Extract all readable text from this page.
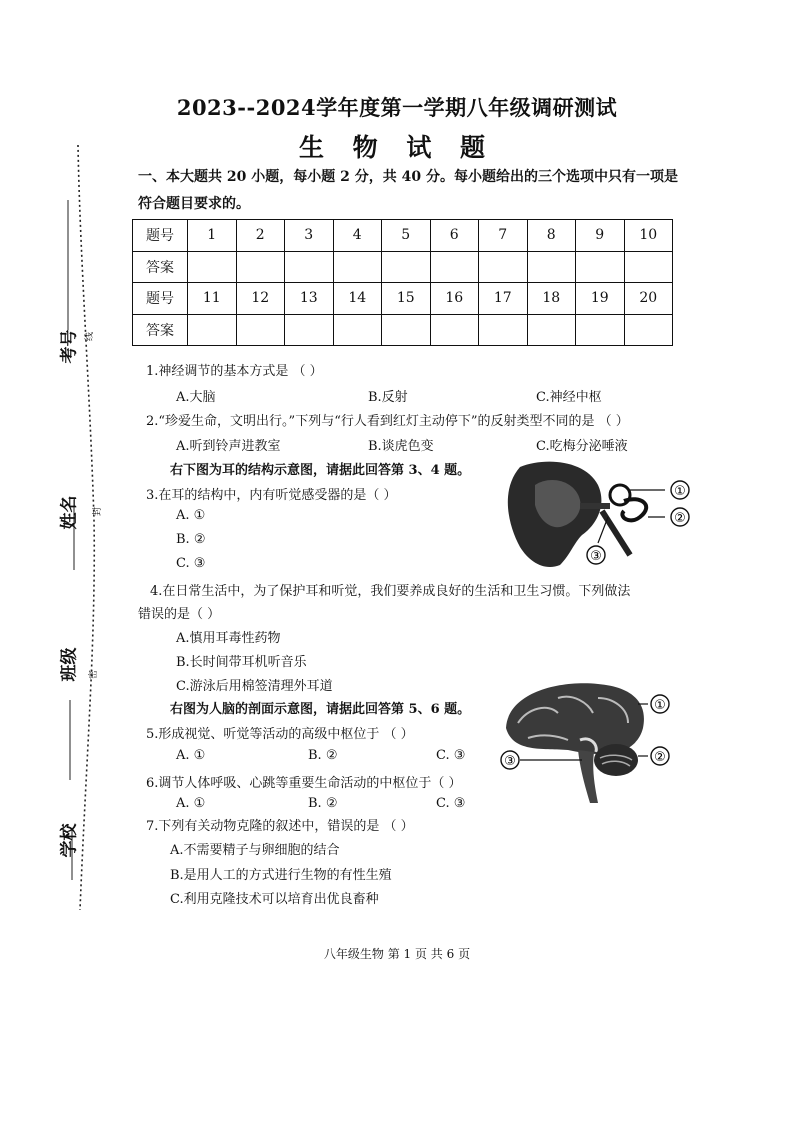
考号
姓名
班级
学校
线
封
密
2023--2024学年度第一学期八年级调研测试
生 物 试 题
一、本大题共 20 小题，每小题 2 分，共 40 分。每小题给出的三个选项中只有一项是
符合题目要求的。
题号	1	2	3	4	5	6	7	8	9	10
答案										
题号	11	12	13	14	15	16	17	18	19	20
答案										
1.神经调节的基本方式是 （ ）
A.大脑	B.反射	C.神经中枢
2.“珍爱生命，文明出行。”下列与“行人看到红灯主动停下”的反射类型不同的是 （ ）
A.听到铃声进教室	B.谈虎色变	C.吃梅分泌唾液
右下图为耳的结构示意图，请据此回答第 3、4 题。
3.在耳的结构中，内有听觉感受器的是（ ）
A. ①
B. ②
C. ③
①
②
③
4.在日常生活中，为了保护耳和听觉，我们要养成良好的生活和卫生习惯。下列做法
错误的是（ ）
A.慎用耳毒性药物
B.长时间带耳机听音乐
C.游泳后用棉签清理外耳道
右图为人脑的剖面示意图，请据此回答第 5、6 题。
5.形成视觉、听觉等活动的高级中枢位于 （ ）
A. ①	B. ②	C. ③
6.调节人体呼吸、心跳等重要生命活动的中枢位于（ ）
A. ①	B. ②	C. ③
①
②
③
7.下列有关动物克隆的叙述中，错误的是 （ ）
A.不需要精子与卵细胞的结合
B.是用人工的方式进行生物的有性生殖
C.利用克隆技术可以培育出优良畜种
八年级生物 第 1 页 共 6 页
